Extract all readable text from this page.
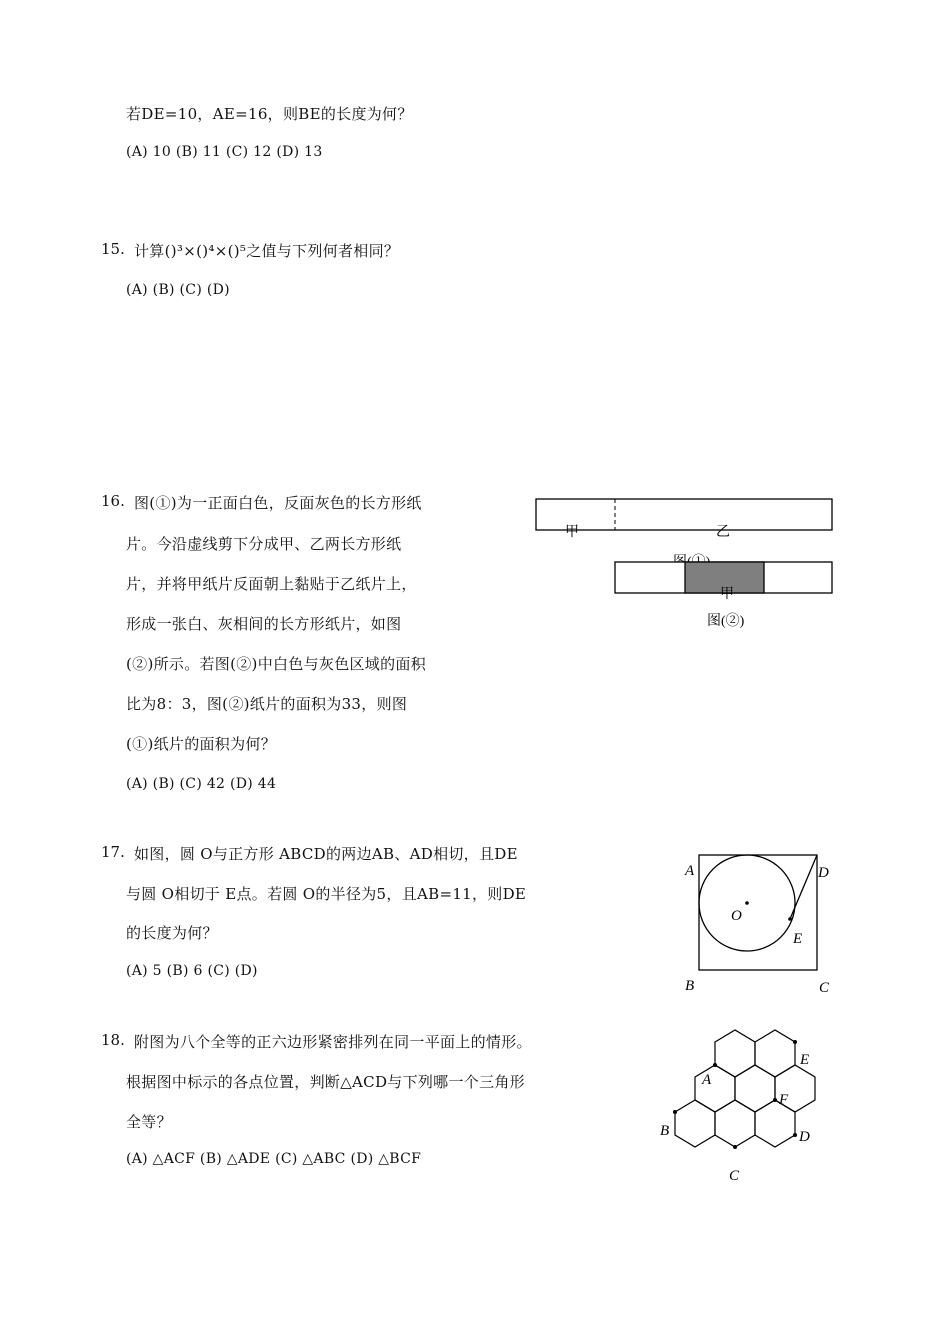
若DE=10，AE=16，则BE的长度为何？
(A) 10 (B) 11 (C) 12 (D) 13
15. 计算()³×()⁴×()⁵之值与下列何者相同？
(A) (B) (C) (D)
16. 图(①)为一正面白色，反面灰色的长方形纸
片。今沿虚线剪下分成甲、乙两长方形纸
片，并将甲纸片反面朝上黏贴于乙纸片上，
形成一张白、灰相间的长方形纸片，如图
(②)所示。若图(②)中白色与灰色区域的面积
比为8：3，图(②)纸片的面积为33，则图
(①)纸片的面积为何？
(A) (B) (C) 42 (D) 44
甲	乙
甲
图(②)
17. 如图，圆 O与正方形 ABCD的两边AB、AD相切，且DE
与圆 O相切于 E点。若圆 O的半径为5，且AB=11，则DE
的长度为何？
(A) 5 (B) 6 (C) (D)
A	D
O
E
B	C
18. 附图为八个全等的正六边形紧密排列在同一平面上的情形。
根据图中标示的各点位置，判断△ACD与下列哪一个三角形
全等？
(A) △ACF (B) △ADE (C) △ABC (D) △BCF
A
E
F
B	D
C
